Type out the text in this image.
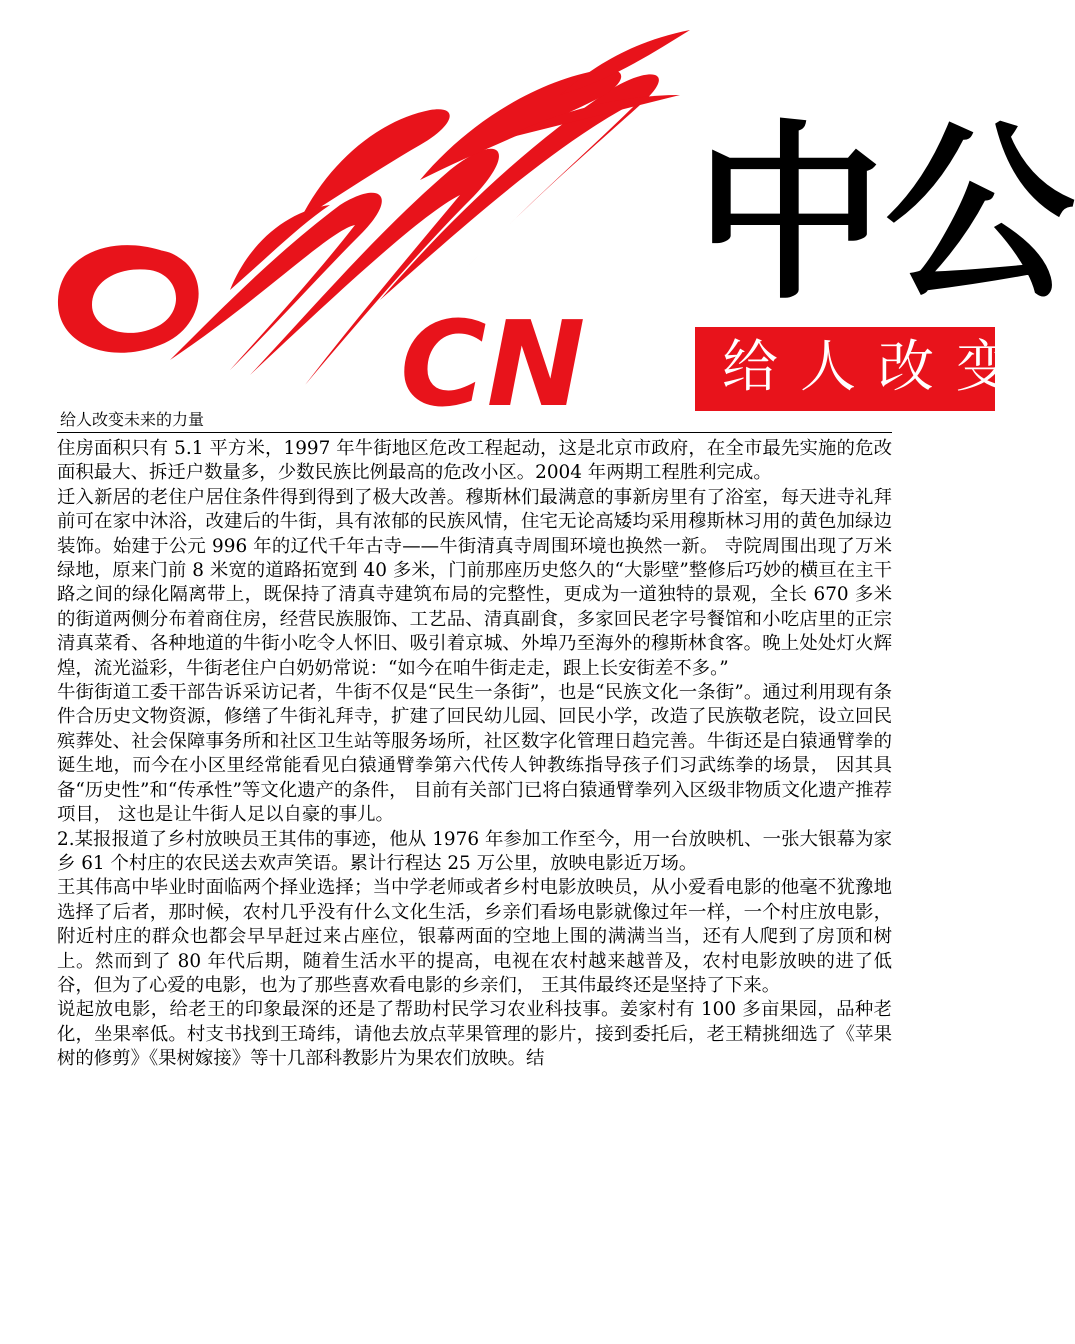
CN
中公
给人改变
给人改变未来的力量

住房面积只有 5.1 平方米，1997 年牛街地区危改工程起动，这是北京市政府，在全市最先实施的危改面积最大、拆迁户数量多，少数民族比例最高的危改小区。2004 年两期工程胜利完成。

迁入新居的老住户居住条件得到得到了极大改善。穆斯林们最满意的事新房里有了浴室，每天进寺礼拜前可在家中沐浴，改建后的牛街，具有浓郁的民族风情，住宅无论高矮均采用穆斯林习用的黄色加绿边装饰。始建于公元 996 年的辽代千年古寺——牛街清真寺周围环境也换然一新。 寺院周围出现了万米绿地，原来门前 8 米宽的道路拓宽到 40 多米，门前那座历史悠久的“大影壁”整修后巧妙的横亘在主干路之间的绿化隔离带上，既保持了清真寺建筑布局的完整性，更成为一道独特的景观，全长 670 多米的街道两侧分布着商住房，经营民族服饰、工艺品、清真副食，多家回民老字号餐馆和小吃店里的正宗清真菜肴、各种地道的牛街小吃令人怀旧、吸引着京城、外埠乃至海外的穆斯林食客。晚上处处灯火辉煌，流光溢彩，牛街老住户白奶奶常说：“如今在咱牛街走走，跟上长安街差不多。”

牛街街道工委干部告诉采访记者，牛街不仅是“民生一条街”，也是“民族文化一条街”。通过利用现有条件合历史文物资源，修缮了牛街礼拜寺，扩建了回民幼儿园、回民小学，改造了民族敬老院，设立回民殡葬处、社会保障事务所和社区卫生站等服务场所，社区数字化管理日趋完善。牛街还是白猿通臂拳的诞生地，而今在小区里经常能看见白猿通臂拳第六代传人钟教练指导孩子们习武练拳的场景， 因其具备“历史性”和“传承性”等文化遗产的条件， 目前有关部门已将白猿通臂拳列入区级非物质文化遗产推荐项目， 这也是让牛街人足以自豪的事儿。

2.某报报道了乡村放映员王其伟的事迹，他从 1976 年参加工作至今，用一台放映机、一张大银幕为家乡 61 个村庄的农民送去欢声笑语。累计行程达 25 万公里，放映电影近万场。

王其伟高中毕业时面临两个择业选择；当中学老师或者乡村电影放映员，从小爱看电影的他毫不犹豫地选择了后者，那时候，农村几乎没有什么文化生活，乡亲们看场电影就像过年一样，一个村庄放电影，附近村庄的群众也都会早早赶过来占座位，银幕两面的空地上围的满满当当，还有人爬到了房顶和树上。然而到了 80 年代后期，随着生活水平的提高，电视在农村越来越普及，农村电影放映的进了低谷，但为了心爱的电影，也为了那些喜欢看电影的乡亲们， 王其伟最终还是坚持了下来。

说起放电影，给老王的印象最深的还是了帮助村民学习农业科技事。姜家村有 100 多亩果园，品种老化，坐果率低。村支书找到王琦纬，请他去放点苹果管理的影片，接到委托后，老王精挑细选了《苹果树的修剪》《果树嫁接》等十几部科教影片为果农们放映。结
